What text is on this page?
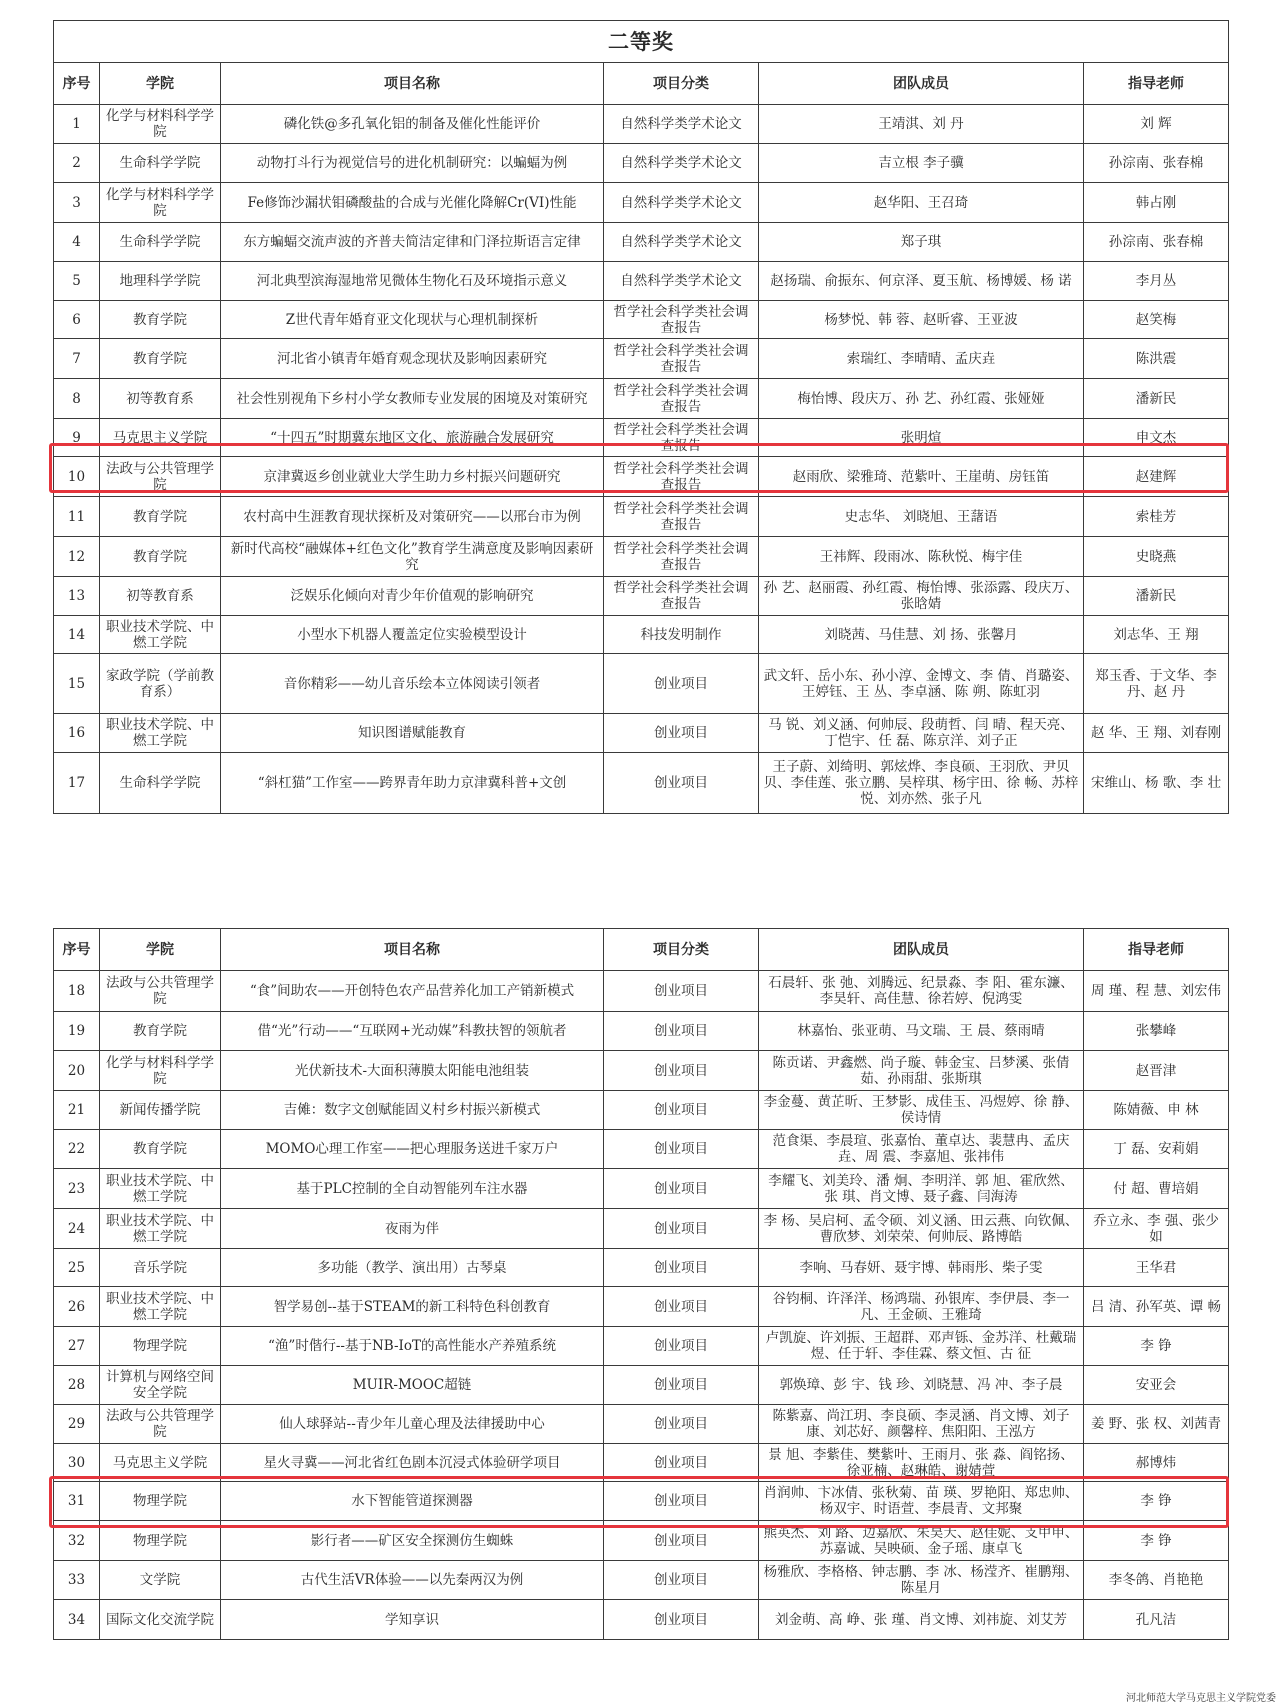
二等奖					
序号	学院	项目名称	项目分类	团队成员	指导老师
1	化学与材料科学学院	磷化铁@多孔氧化铝的制备及催化性能评价	自然科学类学术论文	王靖淇、刘 丹	刘 辉
2	生命科学学院	动物打斗行为视觉信号的进化机制研究：以蝙蝠为例	自然科学类学术论文	吉立根 李子骥	孙淙南、张春棉
3	化学与材料科学学院	Fe修饰沙漏状钼磷酸盐的合成与光催化降解Cr(VI)性能	自然科学类学术论文	赵华阳、王召琦	韩占刚
4	生命科学学院	东方蝙蝠交流声波的齐普夫简洁定律和门泽拉斯语言定律	自然科学类学术论文	郑子琪	孙淙南、张春棉
5	地理科学学院	河北典型滨海湿地常见微体生物化石及环境指示意义	自然科学类学术论文	赵扬瑞、俞振东、何京泽、夏玉航、杨博媛、杨 诺	李月丛
6	教育学院	Z世代青年婚育亚文化现状与心理机制探析	哲学社会科学类社会调查报告	杨梦悦、韩 蓉、赵昕睿、王亚波	赵笑梅
7	教育学院	河北省小镇青年婚育观念现状及影响因素研究	哲学社会科学类社会调查报告	索瑞红、李晴晴、孟庆垚	陈洪震
8	初等教育系	社会性别视角下乡村小学女教师专业发展的困境及对策研究	哲学社会科学类社会调查报告	梅怡博、段庆万、孙 艺、孙红霞、张娅娅	潘新民
9	马克思主义学院	“十四五”时期冀东地区文化、旅游融合发展研究	哲学社会科学类社会调查报告	张明煊	申文杰
10	法政与公共管理学院	京津冀返乡创业就业大学生助力乡村振兴问题研究	哲学社会科学类社会调查报告	赵雨欣、梁雅琦、范紫叶、王崖萌、房钰笛	赵建辉
11	教育学院	农村高中生涯教育现状探析及对策研究——以邢台市为例	哲学社会科学类社会调查报告	史志华、 刘晓旭、王藷语	索桂芳
12	教育学院	新时代高校“融媒体+红色文化”教育学生满意度及影响因素研究	哲学社会科学类社会调查报告	王祎辉、段雨冰、陈秋悦、梅宇佳	史晓燕
13	初等教育系	泛娱乐化倾向对青少年价值观的影响研究	哲学社会科学类社会调查报告	孙 艺、赵丽霞、孙红霞、梅怡博、张添露、段庆万、张晗婧	潘新民
14	职业技术学院、中燃工学院	小型水下机器人覆盖定位实验模型设计	科技发明制作	刘晓茜、马佳慧、刘 扬、张馨月	刘志华、王 翔
15	家政学院（学前教育系）	音你精彩——幼儿音乐绘本立体阅读引领者	创业项目	武文轩、岳小东、孙小淳、金博文、李 倩、肖璐姿、王婷钰、王 丛、李卓涵、陈 朔、陈虹羽	郑玉香、于文华、李 丹、赵 丹
16	职业技术学院、中燃工学院	知识图谱赋能教育	创业项目	马 锐、刘义涵、何帅辰、段萌哲、闫 晴、程天亮、丁恺宇、任 磊、陈京洋、刘子正	赵 华、王 翔、刘春刚
17	生命科学学院	“斜杠猫”工作室——跨界青年助力京津冀科普+文创	创业项目	王子蔚、刘绮明、郭炫烨、李良硕、王羽欣、尹贝贝、李佳莲、张立鹏、吴梓琪、杨宇田、徐 畅、苏梓悦、刘亦然、张子凡	宋维山、杨 歌、李 壮
序号	学院	项目名称	项目分类	团队成员	指导老师
18	法政与公共管理学院	“食”间助农——开创特色农产品营养化加工产销新模式	创业项目	石晨轩、张 弛、刘腾远、纪景淼、李 阳、霍东濂、李昊轩、高佳慧、徐若婷、倪鸿雯	周 瑾、程 慧、刘宏伟
19	教育学院	借“光”行动——“互联网+光动媒”科教扶智的领航者	创业项目	林嘉怡、张亚萌、马文瑞、王 晨、蔡雨晴	张攀峰
20	化学与材料科学学院	光伏新技术-大面积薄膜太阳能电池组装	创业项目	陈贡诺、尹鑫燃、尚子璇、韩金宝、吕梦溪、张倩茹、孙雨甜、张斯琪	赵晋津
21	新闻传播学院	吉傩：数字文创赋能固义村乡村振兴新模式	创业项目	李金蔓、黄芷昕、王梦影、成佳玉、冯煜婷、徐 静、侯诗情	陈婧薇、申 林
22	教育学院	MOMO心理工作室——把心理服务送进千家万户	创业项目	范食渠、李晨瑄、张嘉怡、董卓达、裴慧冉、孟庆垚、周 震、李嘉旭、张祎伟	丁 磊、安莉娟
23	职业技术学院、中燃工学院	基于PLC控制的全自动智能列车注水器	创业项目	李耀飞、刘美玲、潘 炯、李明洋、郭 旭、霍欣然、张 琪、肖文博、聂子鑫、闫海涛	付 超、曹培娟
24	职业技术学院、中燃工学院	夜雨为伴	创业项目	李 杨、吴启柯、孟令硕、刘义涵、田云燕、向钦佩、曹欣梦、刘荣荣、何帅辰、路博皓	乔立永、李 强、张少如
25	音乐学院	多功能（教学、演出用）古琴桌	创业项目	李响、马春妍、聂宇博、韩雨彤、柴子雯	王华君
26	职业技术学院、中燃工学院	智学易创--基于STEAM的新工科特色科创教育	创业项目	谷钧桐、许泽洋、杨鸿瑞、孙银库、李伊晨、李一凡、王金硕、王雅琦	吕 清、孙军英、谭 畅
27	物理学院	“渔”时偕行--基于NB-IoT的高性能水产养殖系统	创业项目	卢凯旋、许刘振、王超群、邓声铄、金苏洋、杜戴瑞煜、任于轩、李佳霖、蔡文恒、古 征	李 铮
28	计算机与网络空间安全学院	MUIR-MOOC超链	创业项目	郭焕璋、彭 宇、钱 珍、刘晓慧、冯 冲、李子晨	安亚会
29	法政与公共管理学院	仙人球驿站--青少年儿童心理及法律援助中心	创业项目	陈紫嘉、尚江玥、李良硕、李灵涵、肖文博、刘子康、刘芯好、颜馨梓、焦阳阳、王泓方	姜 野、张 权、刘茜青
30	马克思主义学院	星火寻冀——河北省红色剧本沉浸式体验研学项目	创业项目	景 旭、李紫佳、樊紫叶、王雨月、张 淼、阎铭扬、徐亚楠、赵琳皓、谢婧萱	郝博炜
31	物理学院	水下智能管道探测器	创业项目	肖润帅、卞冰倩、张秋菊、苗 瑛、罗艳阳、郑忠帅、杨双宇、时语萱、李晨青、文邦聚	李 铮
32	物理学院	影行者——矿区安全探测仿生蜘蛛	创业项目	熊英杰、刘 路、边嘉欣、朱昊天、赵佳妮、支甲申、苏嘉诚、吴映硕、金子瑶、康卓飞	李 铮
33	文学院	古代生活VR体验——以先秦两汉为例	创业项目	杨雅欣、李格格、钟志鹏、李 冰、杨滢齐、崔鹏翔、陈星月	李冬鸽、肖艳艳
34	国际文化交流学院	学知享识	创业项目	刘金萌、高 峥、张 瑾、肖文博、刘祎旋、刘艾芳	孔凡洁
河北师范大学马克思主义学院党委
